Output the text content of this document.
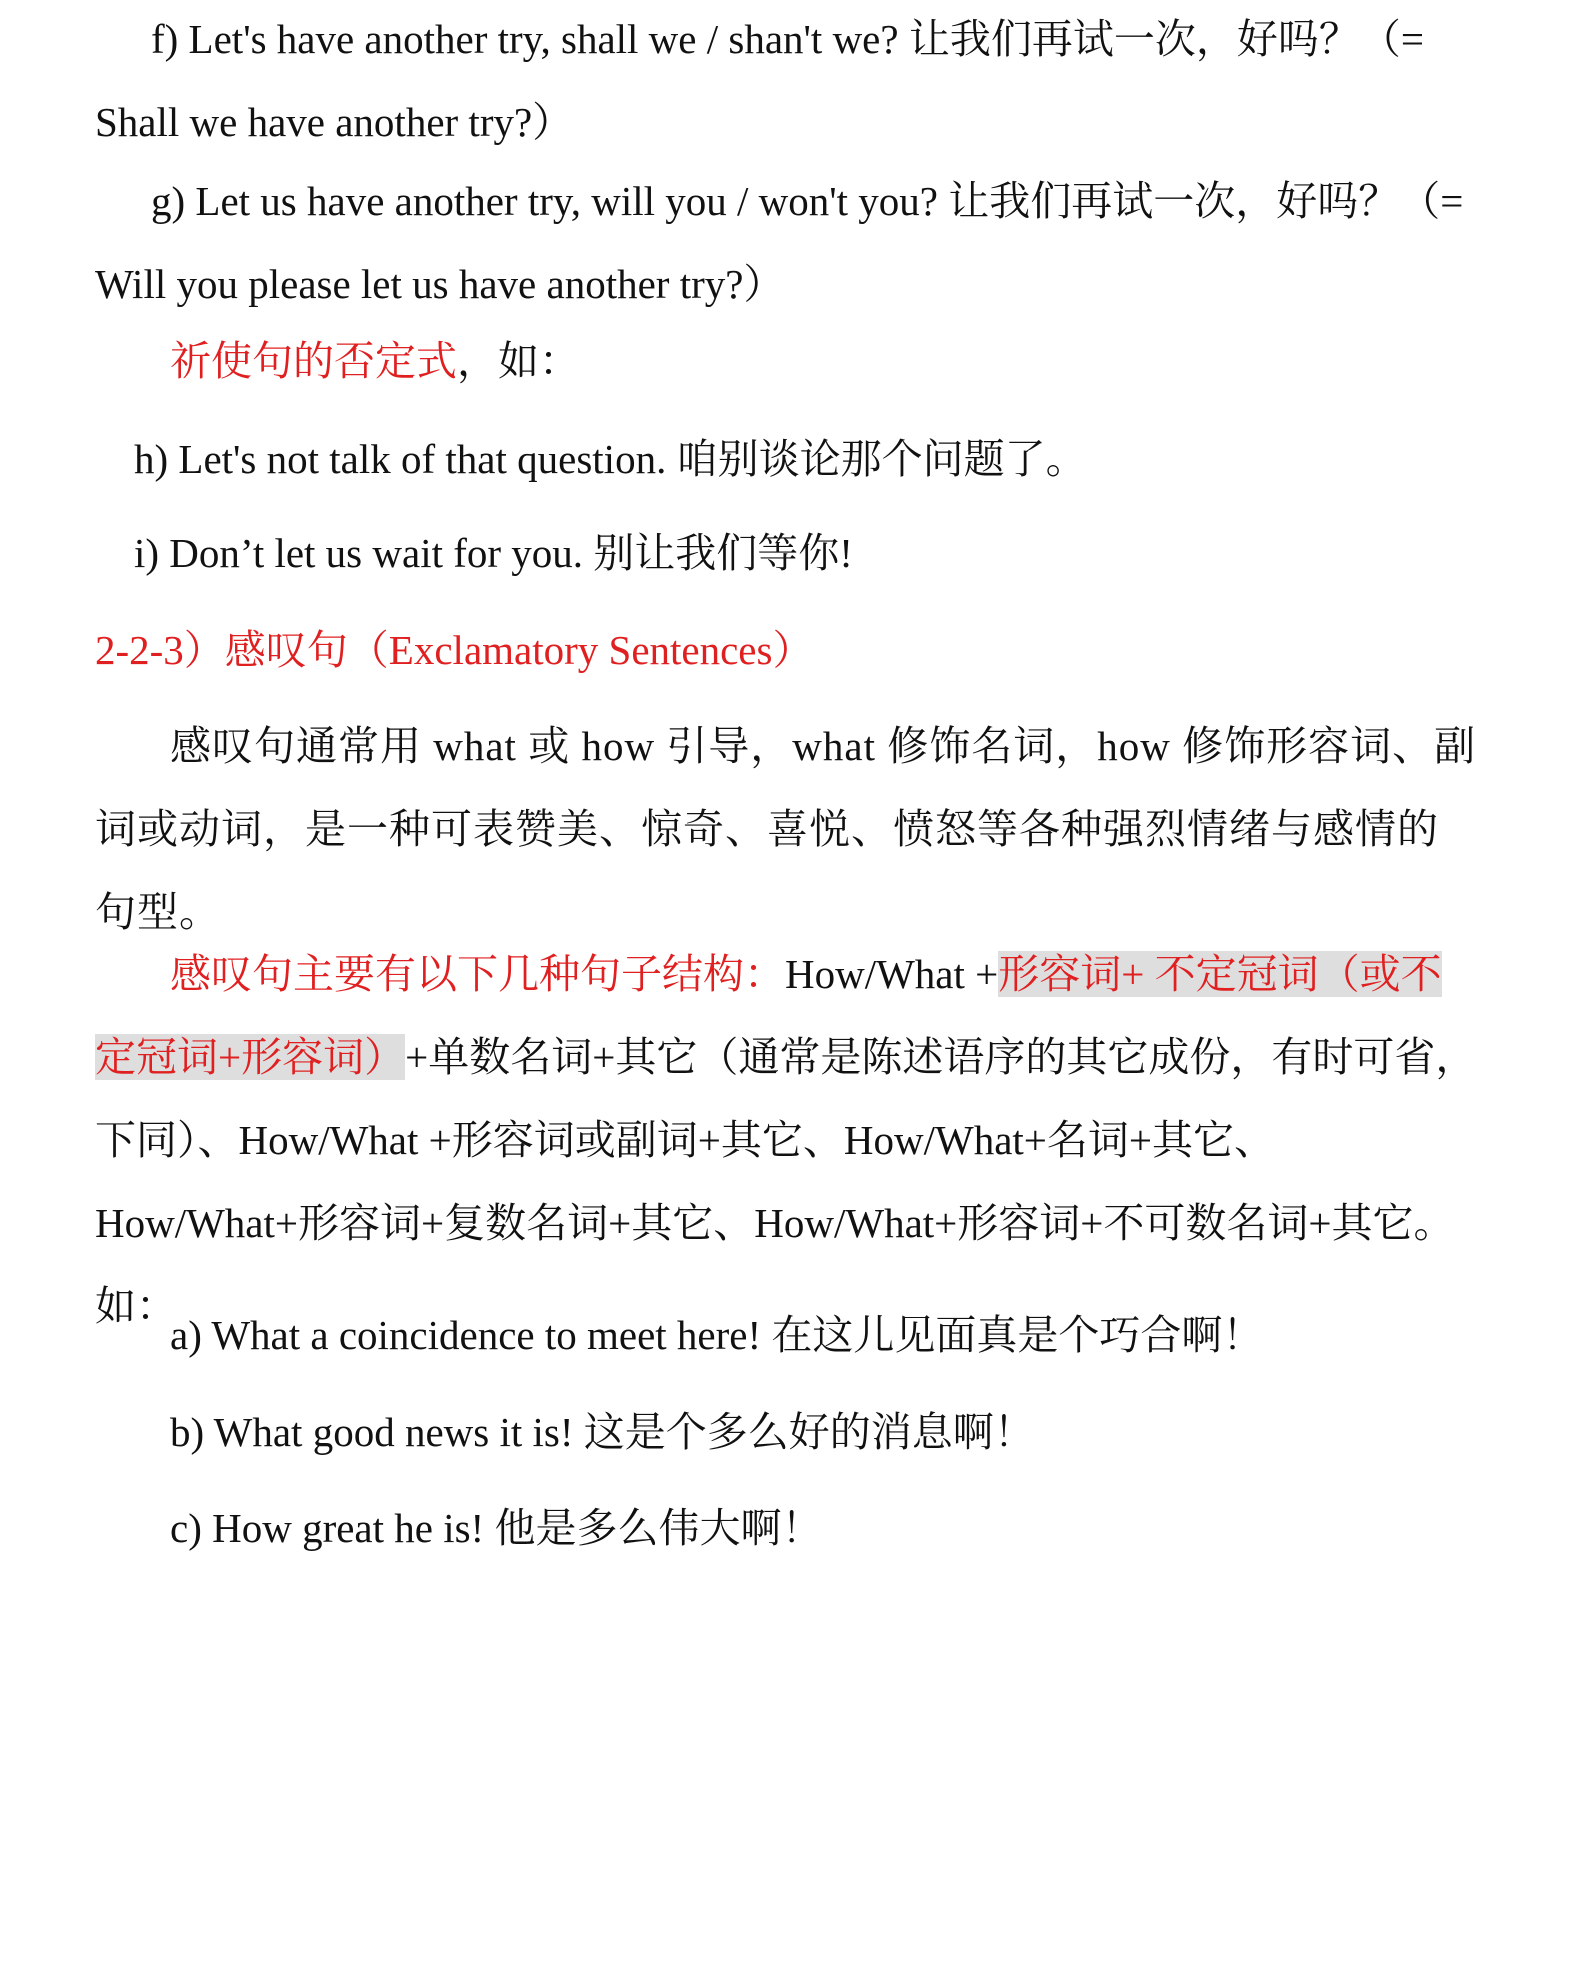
f) Let's have another try, shall we / shan't we? 让我们再试一次，好吗？（= Shall we have another try?）

g) Let us have another try, will you / won't you? 让我们再试一次，好吗？（= Will you please let us have another try?）

祈使句的否定式，如：

h) Let's not talk of that question. 咱别谈论那个问题了。

i) Don’t let us wait for you. 别让我们等你!

2-2-3）感叹句（Exclamatory Sentences）

感叹句通常用 what 或 how 引导，what 修饰名词，how 修饰形容词、副词或动词，是一种可表赞美、惊奇、喜悦、愤怒等各种强烈情绪与感情的句型。

感叹句主要有以下几种句子结构：How/What +形容词+ 不定冠词（或不定冠词+形容词）+单数名词+其它（通常是陈述语序的其它成份，有时可省，下同）、How/What +形容词或副词+其它、How/What+名词+其它、How/What+形容词+复数名词+其它、How/What+形容词+不可数名词+其它。如：

a) What a coincidence to meet here! 在这儿见面真是个巧合啊！

b) What good news it is! 这是个多么好的消息啊！

c) How great he is! 他是多么伟大啊！
